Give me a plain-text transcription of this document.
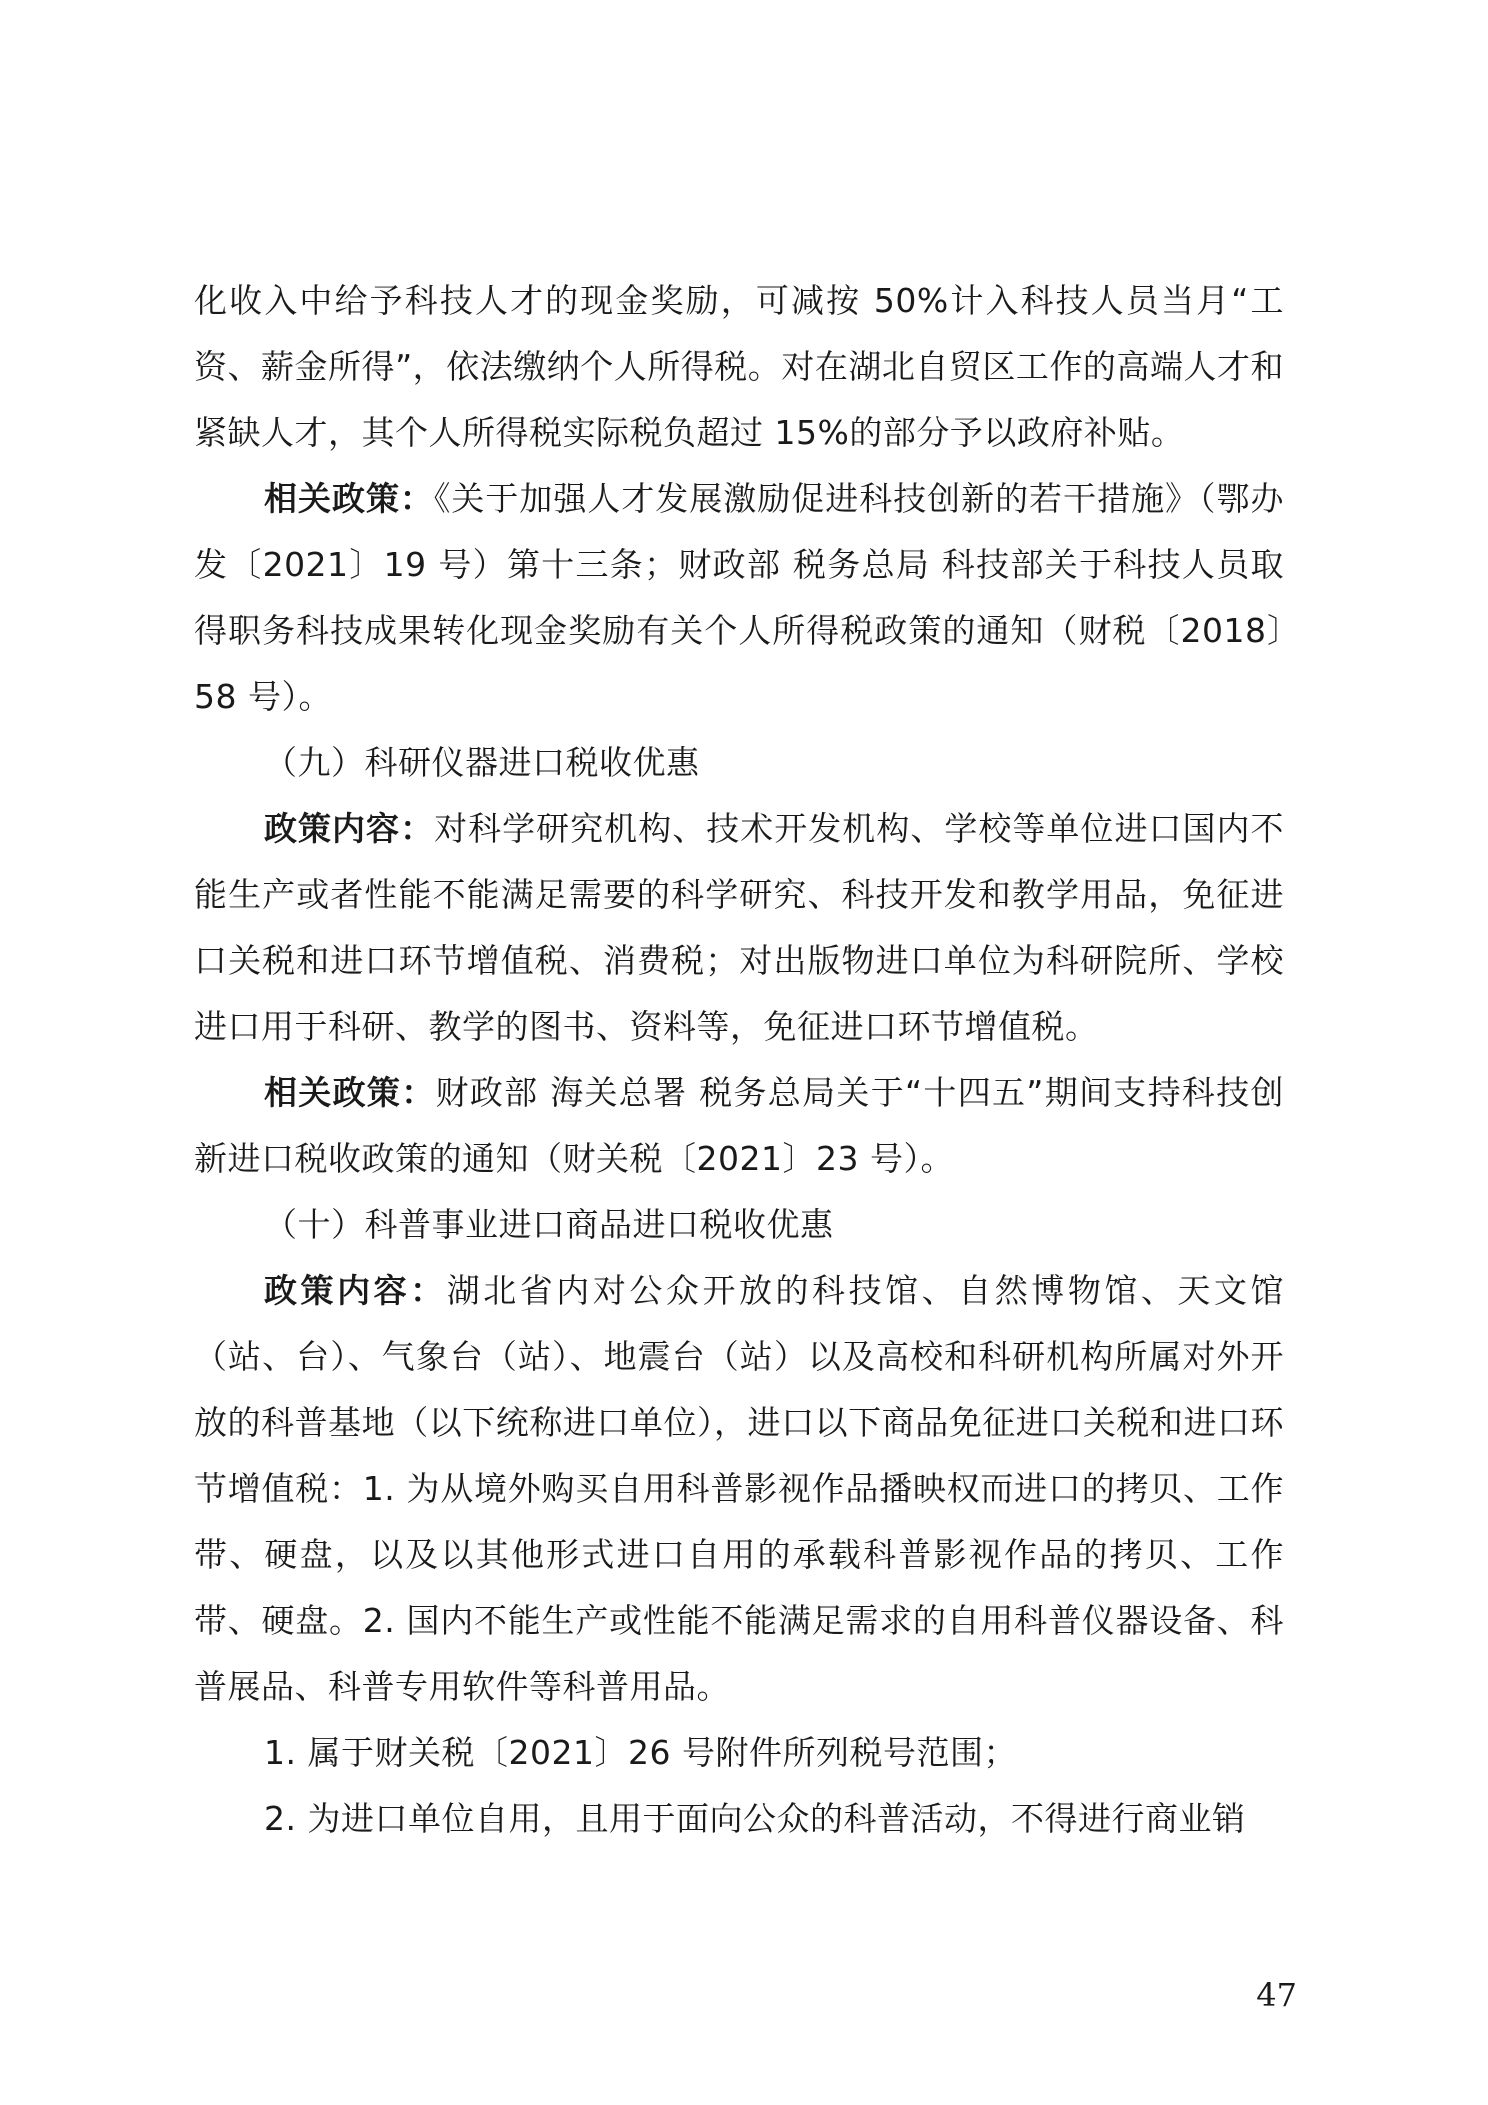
化收入中给予科技人才的现金奖励，可减按 50%计入科技人员当月“工资、薪金所得”，依法缴纳个人所得税。对在湖北自贸区工作的高端人才和紧缺人才，其个人所得税实际税负超过 15%的部分予以政府补贴。

相关政策：《关于加强人才发展激励促进科技创新的若干措施》（鄂办发〔2021〕19 号）第十三条；财政部 税务总局 科技部关于科技人员取得职务科技成果转化现金奖励有关个人所得税政策的通知（财税〔2018〕58 号）。

（九）科研仪器进口税收优惠

政策内容：对科学研究机构、技术开发机构、学校等单位进口国内不能生产或者性能不能满足需要的科学研究、科技开发和教学用品，免征进口关税和进口环节增值税、消费税；对出版物进口单位为科研院所、学校进口用于科研、教学的图书、资料等，免征进口环节增值税。

相关政策：财政部 海关总署 税务总局关于“十四五”期间支持科技创新进口税收政策的通知（财关税〔2021〕23 号）。

（十）科普事业进口商品进口税收优惠

政策内容：湖北省内对公众开放的科技馆、自然博物馆、天文馆（站、台）、气象台（站）、地震台（站）以及高校和科研机构所属对外开放的科普基地（以下统称进口单位），进口以下商品免征进口关税和进口环节增值税：1. 为从境外购买自用科普影视作品播映权而进口的拷贝、工作带、硬盘，以及以其他形式进口自用的承载科普影视作品的拷贝、工作带、硬盘。2. 国内不能生产或性能不能满足需求的自用科普仪器设备、科普展品、科普专用软件等科普用品。

1. 属于财关税〔2021〕26 号附件所列税号范围；

2. 为进口单位自用，且用于面向公众的科普活动，不得进行商业销

47
